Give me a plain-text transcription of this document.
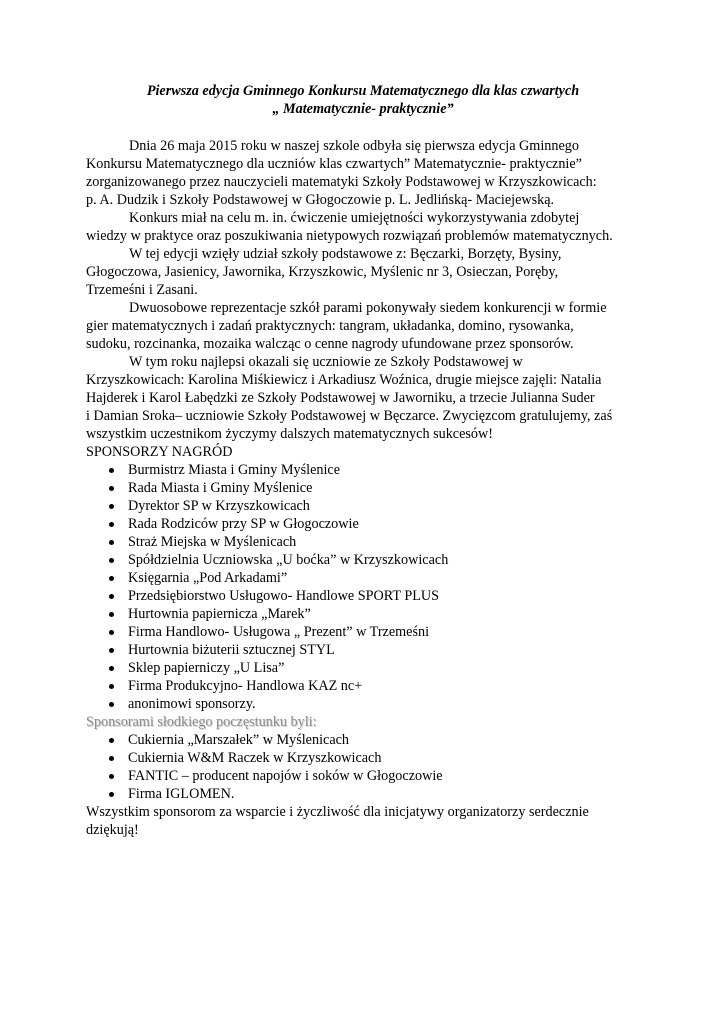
Pierwsza edycja Gminnego Konkursu Matematycznego dla klas czwartych

„ Matematycznie- praktycznie”

Dnia 26 maja 2015 roku w naszej szkole odbyła się pierwsza edycja Gminnego

Konkursu Matematycznego dla uczniów klas czwartych” Matematycznie- praktycznie”

zorganizowanego przez nauczycieli matematyki Szkoły Podstawowej w Krzyszkowicach:

p. A. Dudzik i Szkoły Podstawowej w Głogoczowie p. L. Jedlińską- Maciejewską.

Konkurs miał na celu m. in. ćwiczenie umiejętności wykorzystywania zdobytej

wiedzy w praktyce oraz poszukiwania nietypowych rozwiązań problemów matematycznych.

W tej edycji wzięły udział szkoły podstawowe z: Bęczarki, Borzęty, Bysiny,

Głogoczowa, Jasienicy, Jawornika, Krzyszkowic, Myślenic nr 3, Osieczan, Poręby,

Trzemeśni i Zasani.

Dwuosobowe reprezentacje szkół parami pokonywały siedem konkurencji w formie

gier matematycznych i zadań praktycznych: tangram, układanka, domino, rysowanka,

sudoku, rozcinanka, mozaika walcząc o cenne nagrody ufundowane przez sponsorów.

W tym roku najlepsi okazali się uczniowie ze Szkoły Podstawowej w

Krzyszkowicach: Karolina Miśkiewicz i Arkadiusz Woźnica, drugie miejsce zajęli: Natalia

Hajderek i Karol Łabędzki ze Szkoły Podstawowej w Jaworniku, a trzecie Julianna Suder

i Damian Sroka– uczniowie Szkoły Podstawowej w Bęczarce. Zwycięzcom gratulujemy, zaś

wszystkim uczestnikom życzymy dalszych matematycznych sukcesów!

SPONSORZY NAGRÓD

Burmistrz Miasta i Gminy Myślenice
Rada Miasta i Gminy Myślenice
Dyrektor SP w Krzyszkowicach
Rada Rodziców przy SP w Głogoczowie
Straż Miejska w Myślenicach
Spółdzielnia Uczniowska „U boćka” w Krzyszkowicach
Księgarnia „Pod Arkadami”
Przedsiębiorstwo Usługowo- Handlowe SPORT PLUS
Hurtownia papiernicza „Marek”
Firma Handlowo- Usługowa „ Prezent” w Trzemeśni
Hurtownia biżuterii sztucznej STYL
Sklep papierniczy „U Lisa”
Firma Produkcyjno- Handlowa KAZ nc+
anonimowi sponsorzy.

Sponsorami słodkiego poczęstunku byli:

Cukiernia „Marszałek” w Myślenicach
Cukiernia W&M Raczek w Krzyszkowicach
FANTIC – producent napojów i soków w Głogoczowie
Firma IGLOMEN.

Wszystkim sponsorom za wsparcie i życzliwość dla inicjatywy organizatorzy serdecznie

dziękują!
